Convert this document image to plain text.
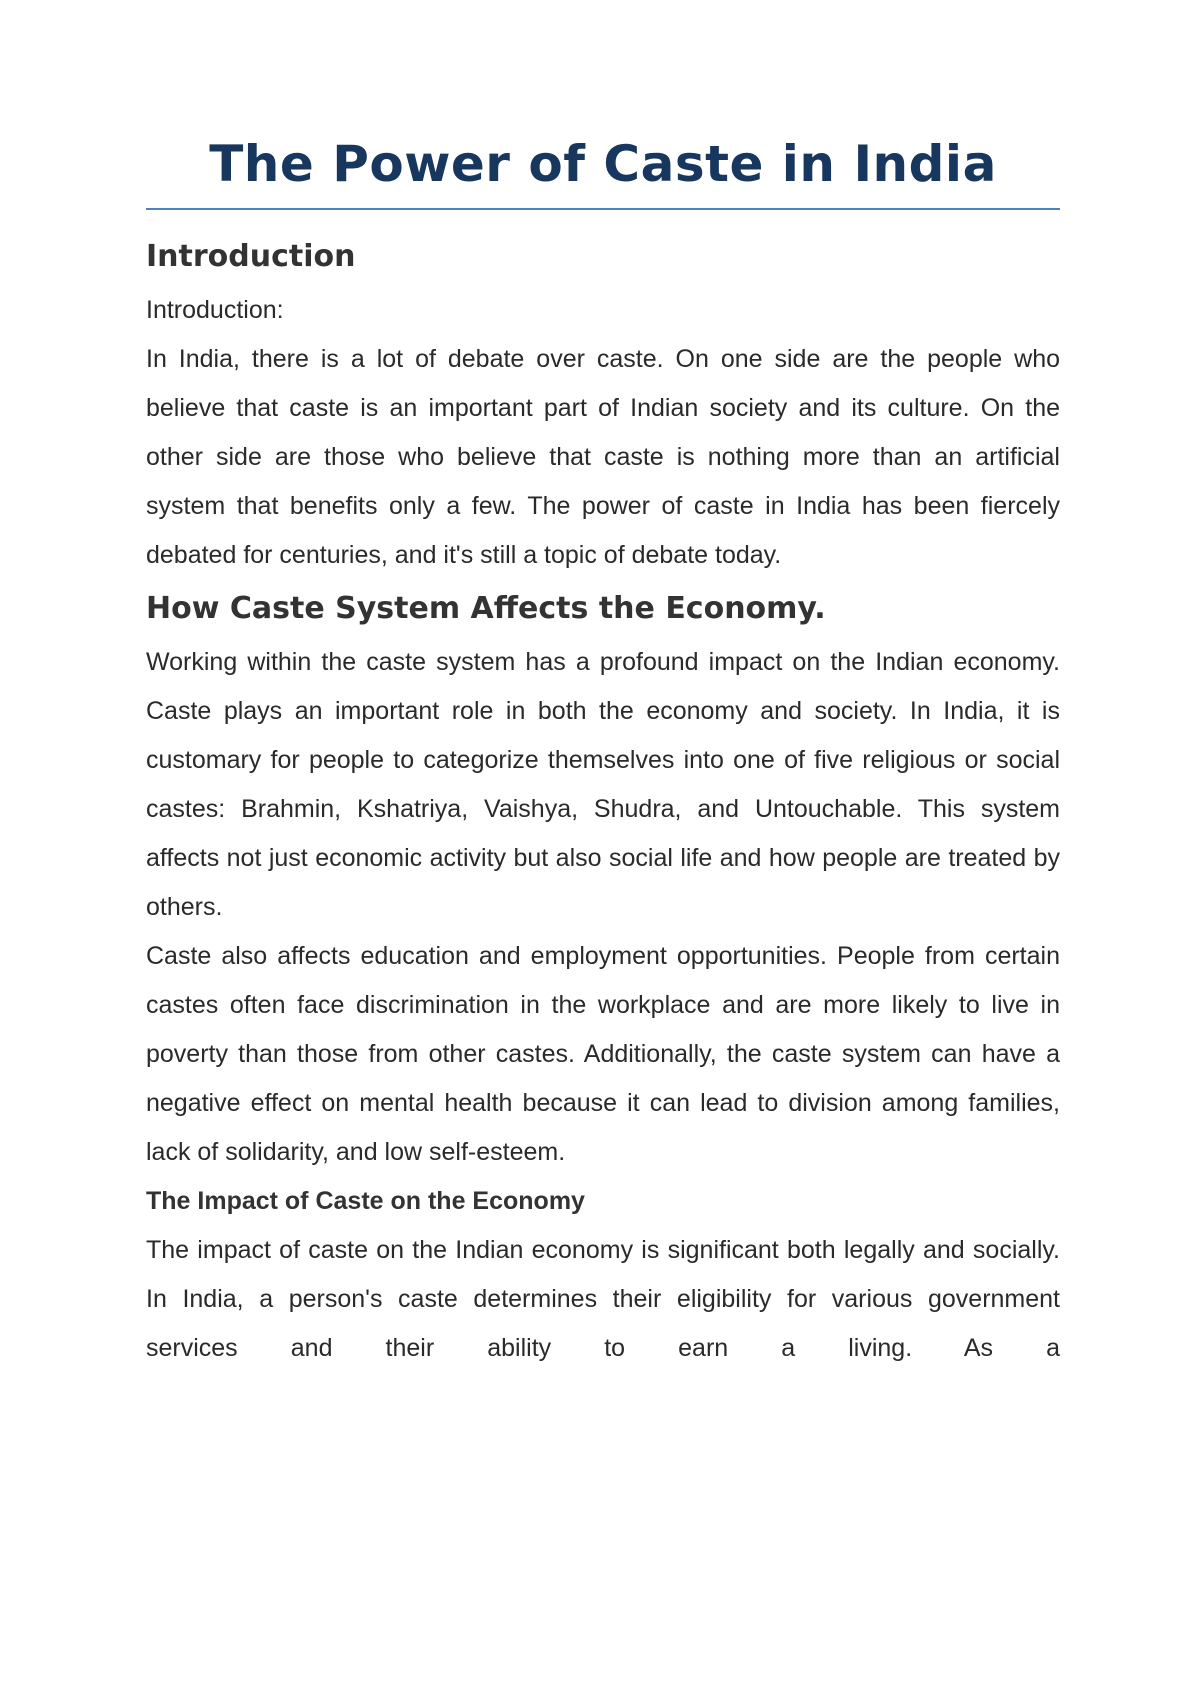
The Power of Caste in India
Introduction

Introduction:

In India, there is a lot of debate over caste. On one side are the people who believe that caste is an important part of Indian society and its culture. On the other side are those who believe that caste is nothing more than an artificial system that benefits only a few. The power of caste in India has been fiercely debated for centuries, and it's still a topic of debate today.

How Caste System Affects the Economy.

Working within the caste system has a profound impact on the Indian economy. Caste plays an important role in both the economy and society. In India, it is customary for people to categorize themselves into one of five religious or social castes: Brahmin, Kshatriya, Vaishya, Shudra, and Untouchable. This system affects not just economic activity but also social life and how people are treated by others.

Caste also affects education and employment opportunities. People from certain castes often face discrimination in the workplace and are more likely to live in poverty than those from other castes. Additionally, the caste system can have a negative effect on mental health because it can lead to division among families, lack of solidarity, and low self-esteem.

The Impact of Caste on the Economy

The impact of caste on the Indian economy is significant both legally and socially. In India, a person's caste determines their eligibility for various government services and their ability to earn a living. As a
